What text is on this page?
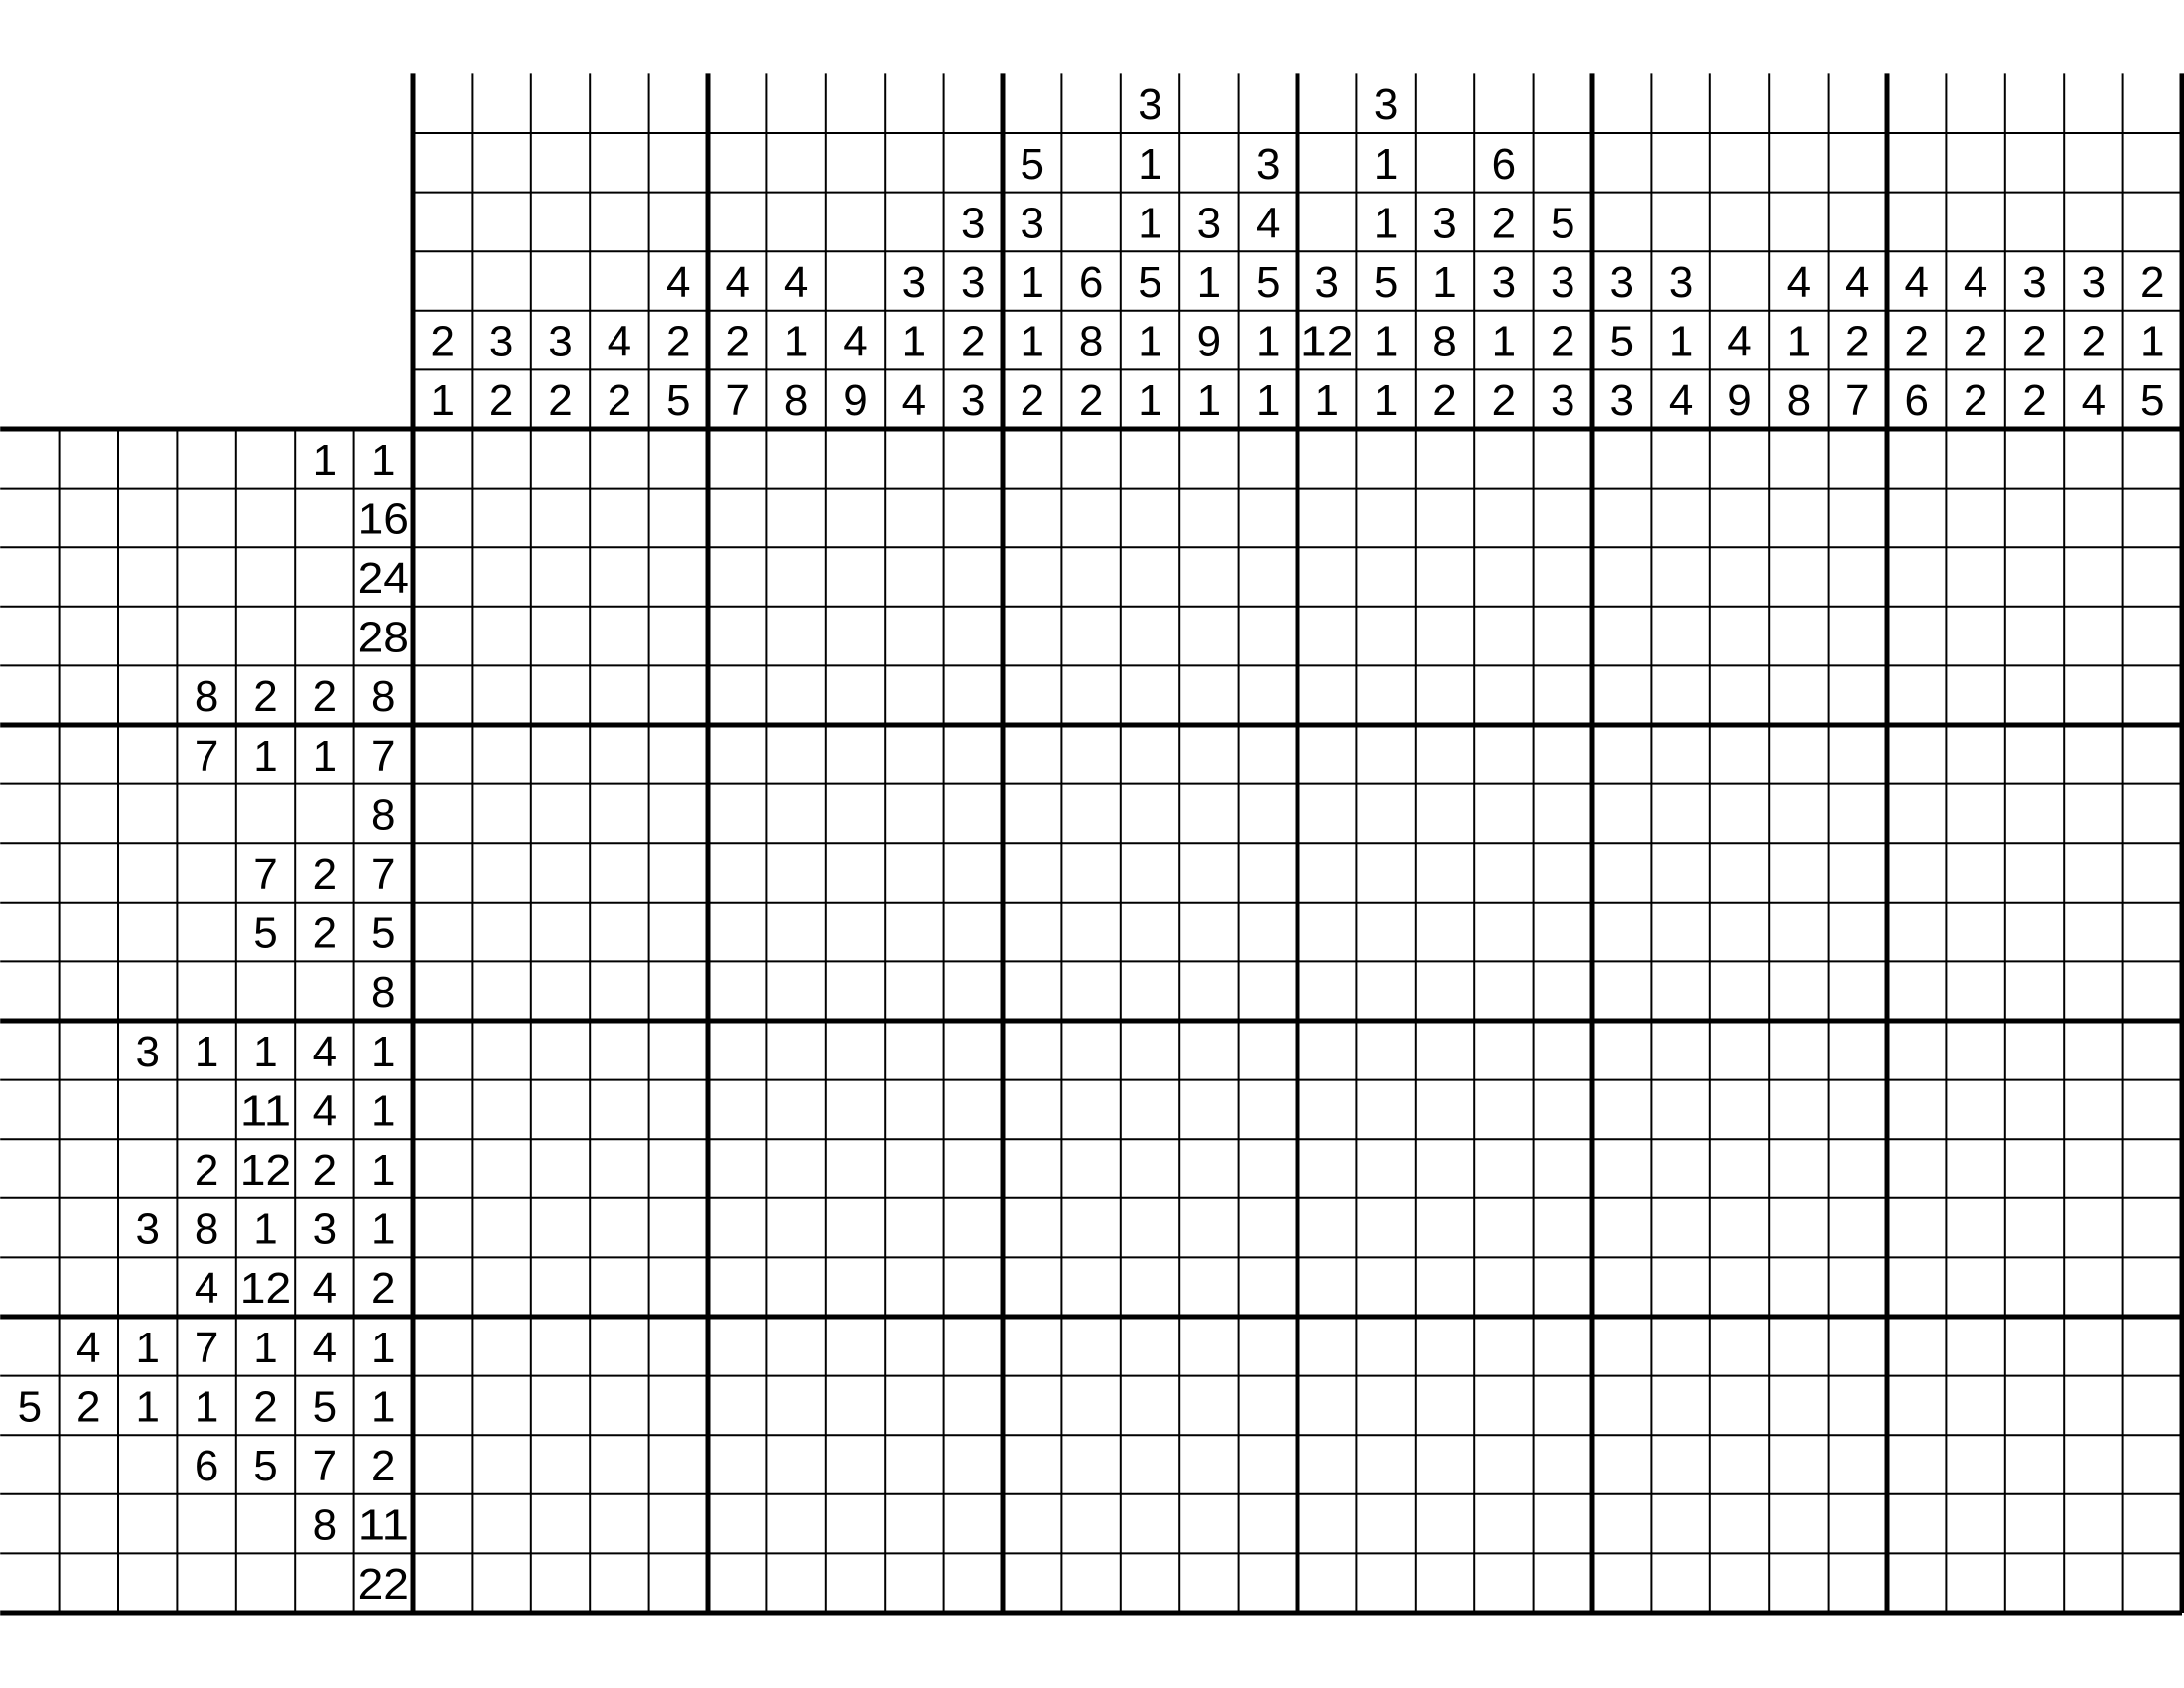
2
1
3
2
3
2
4
2
4
2
5
4
2
7
4
1
8
4
9
3
1
4
3
3
2
3
5
3
1
1
2
6
8
2
3
1
1
5
1
1
3
1
9
1
3
4
5
1
1
3
12
1
3
1
1
5
1
1
3
1
8
2
6
2
3
1
2
5
3
2
3
3
5
3
3
1
4
4
9
4
1
8
4
2
7
4
2
6
4
2
2
3
2
2
3
2
4
2
1
5
1 1
16
24
28
8 2 2 8
7 1 1 7
8
7 2 7
5 2 5
8
3 1 1 4 1
11 4 1
2 12 2 1
3 8 1 3 1
4 12 4 2
4 1 7 1 4 1
5 2 1 1 2 5 1
6 5 7 2
8 11
22
